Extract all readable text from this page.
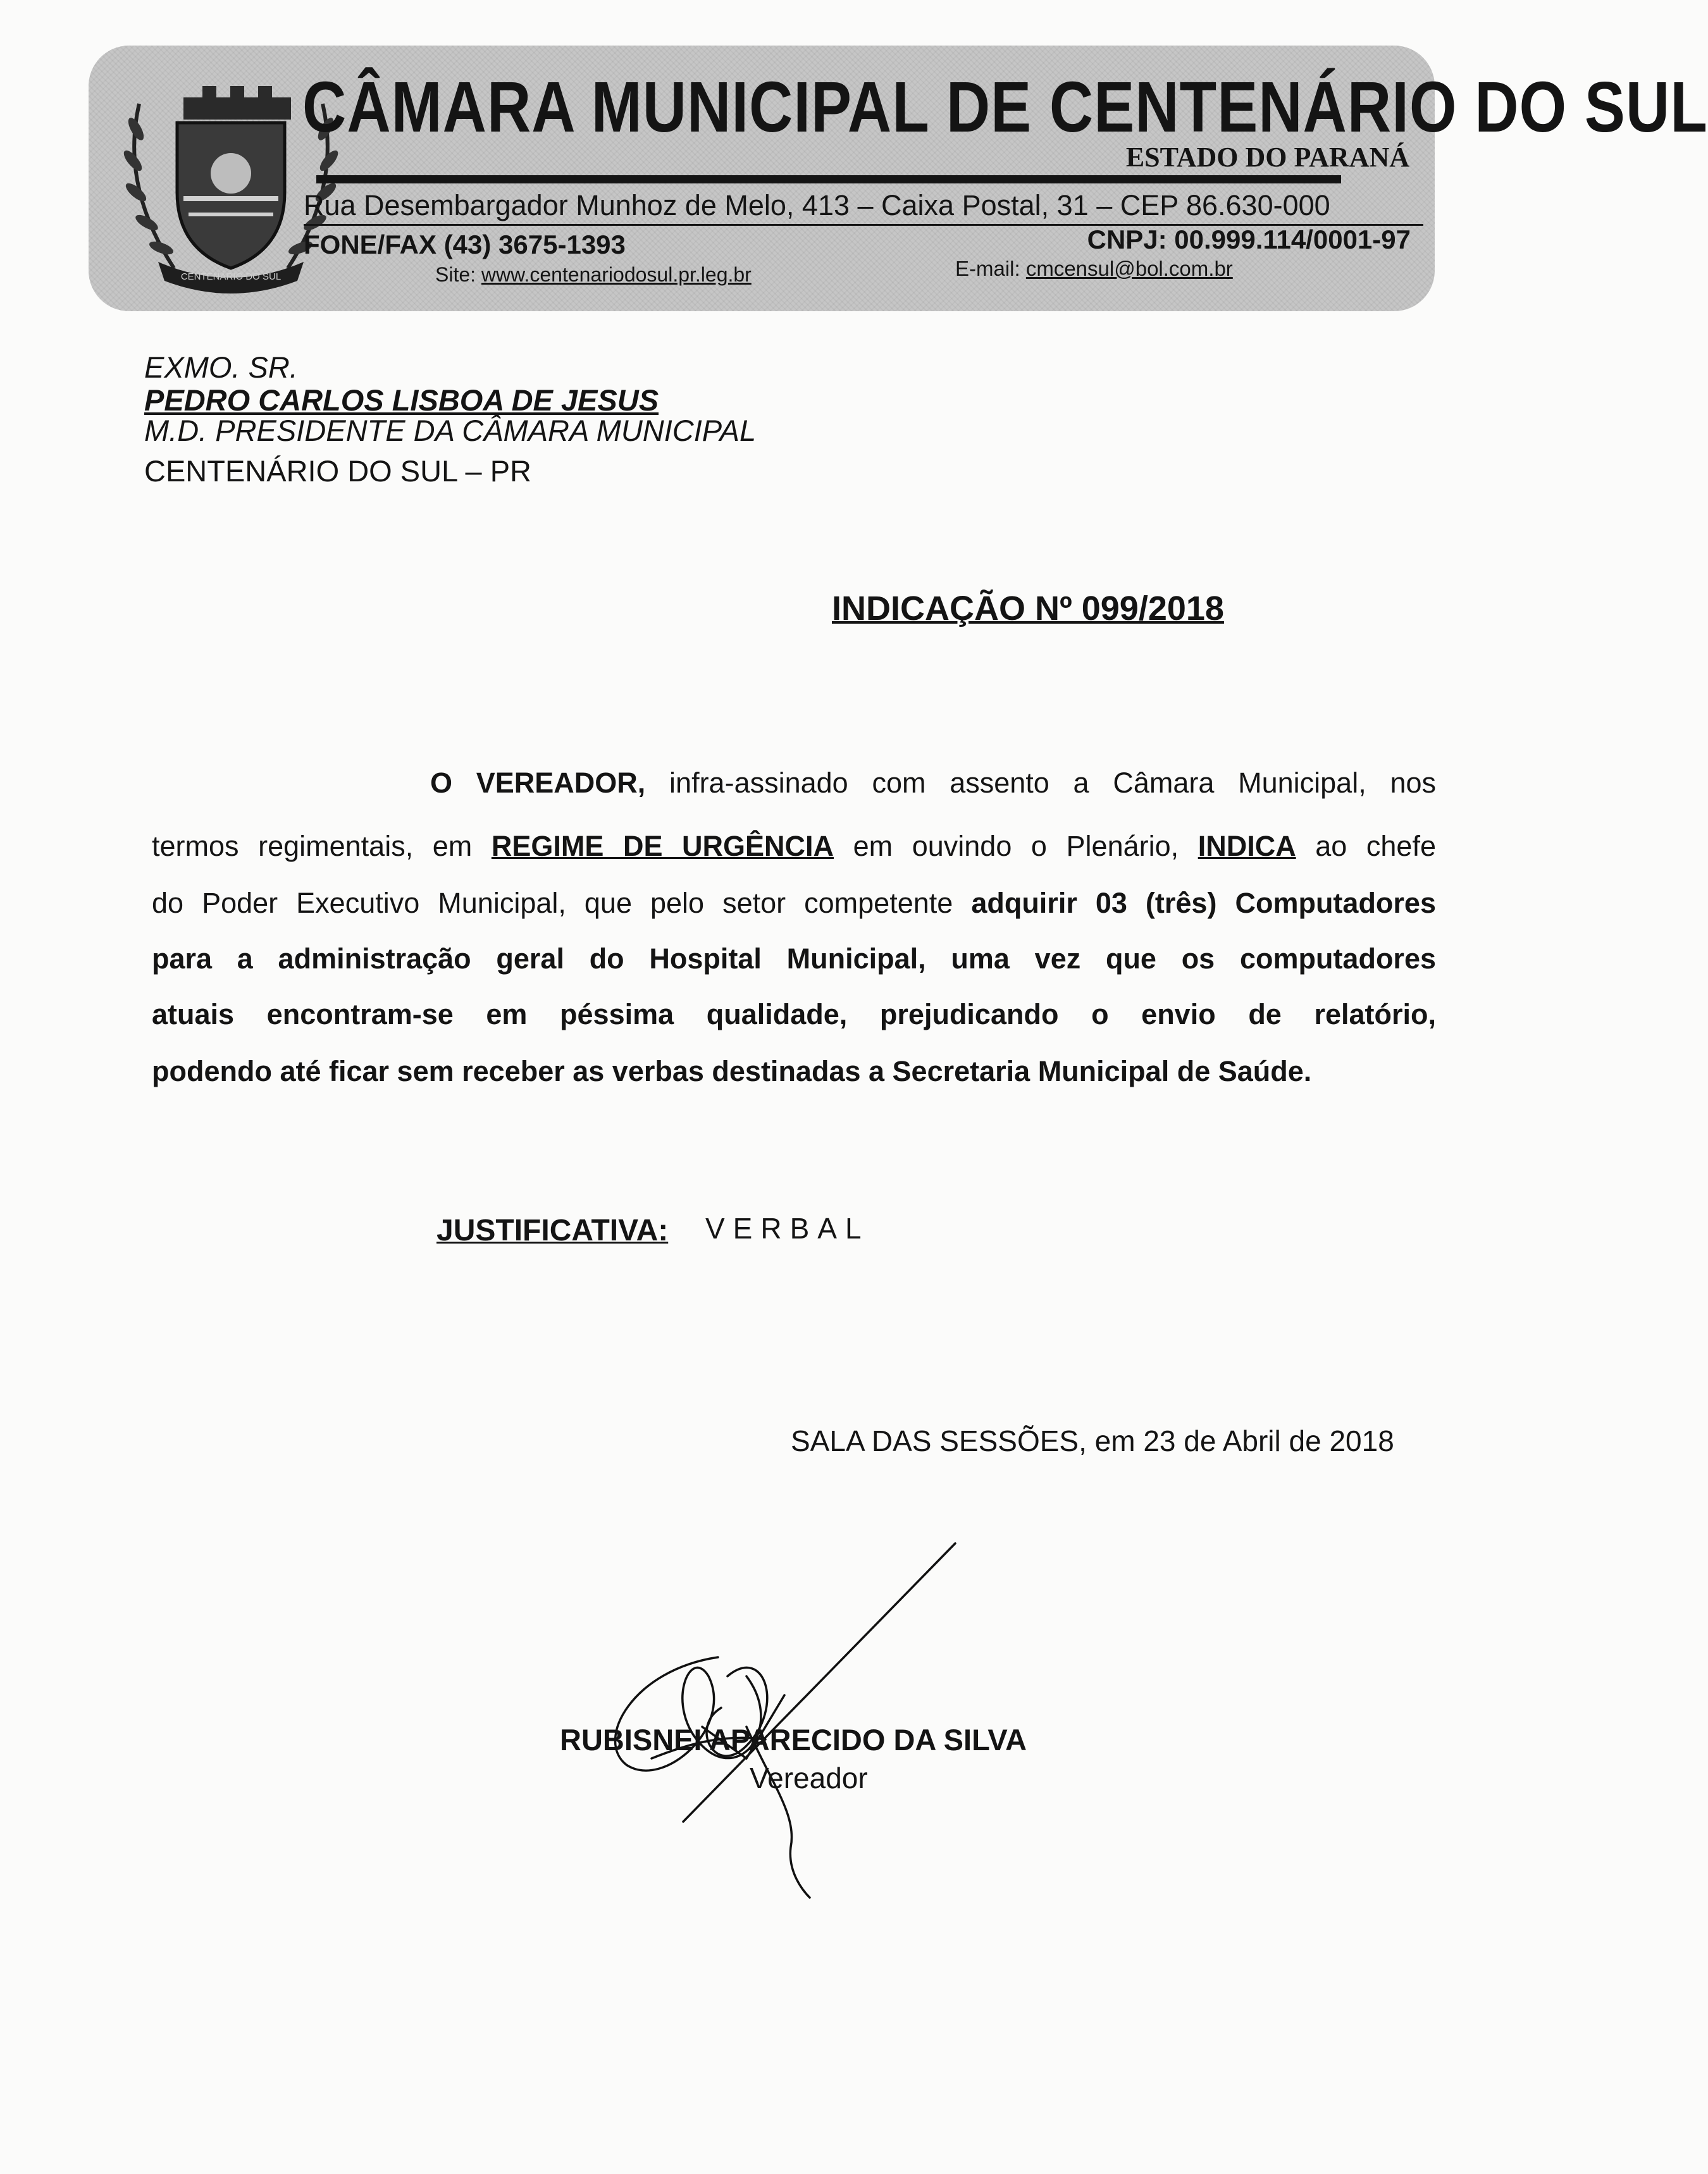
CENTENÁRIO DO SUL
CÂMARA MUNICIPAL DE CENTENÁRIO DO SUL
ESTADO DO PARANÁ
Rua Desembargador Munhoz de Melo, 413 – Caixa Postal, 31 – CEP 86.630-000
FONE/FAX (43) 3675-1393	CNPJ: 00.999.114/0001-97
Site: www.centenariodosul.pr.leg.br	E-mail: cmcensul@bol.com.br
EXMO. SR.
PEDRO CARLOS LISBOA DE JESUS
M.D. PRESIDENTE DA CÂMARA MUNICIPAL
CENTENÁRIO DO SUL – PR
INDICAÇÃO Nº 099/2018
O VEREADOR, infra-assinado com assento a Câmara Municipal, nos
termos regimentais, em REGIME DE URGÊNCIA em ouvindo o Plenário, INDICA ao chefe
do Poder Executivo Municipal, que pelo setor competente adquirir 03 (três) Computadores
para a administração geral do Hospital Municipal, uma vez que os computadores
atuais encontram-se em péssima qualidade, prejudicando o envio de relatório,
podendo até ficar sem receber as verbas destinadas a Secretaria Municipal de Saúde.
JUSTIFICATIVA: VERBAL
SALA DAS SESSÕES, em 23 de Abril de 2018
RUBISNEI APARECIDO DA SILVA
Vereador
